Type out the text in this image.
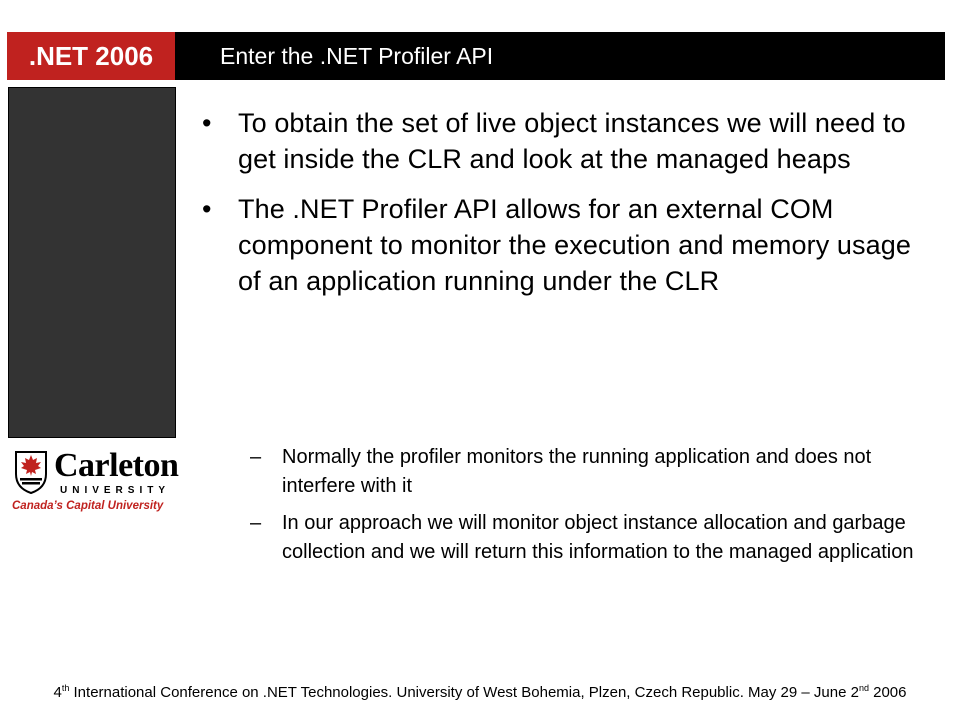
.NET 2006	Enter the .NET Profiler API
Carleton
UNIVERSITY
Canada’s Capital University
• To obtain the set of live object instances we will need to get inside the CLR and look at the managed heaps
• The .NET Profiler API allows for an external COM component to monitor the execution and memory usage of an application running under the CLR
– Normally the profiler monitors the running application and does not interfere with it
– In our approach we will monitor object instance allocation and garbage collection and we will return this information to the managed application
4th International Conference on .NET Technologies. University of West Bohemia, Plzen, Czech Republic. May 29 – June 2nd 2006
